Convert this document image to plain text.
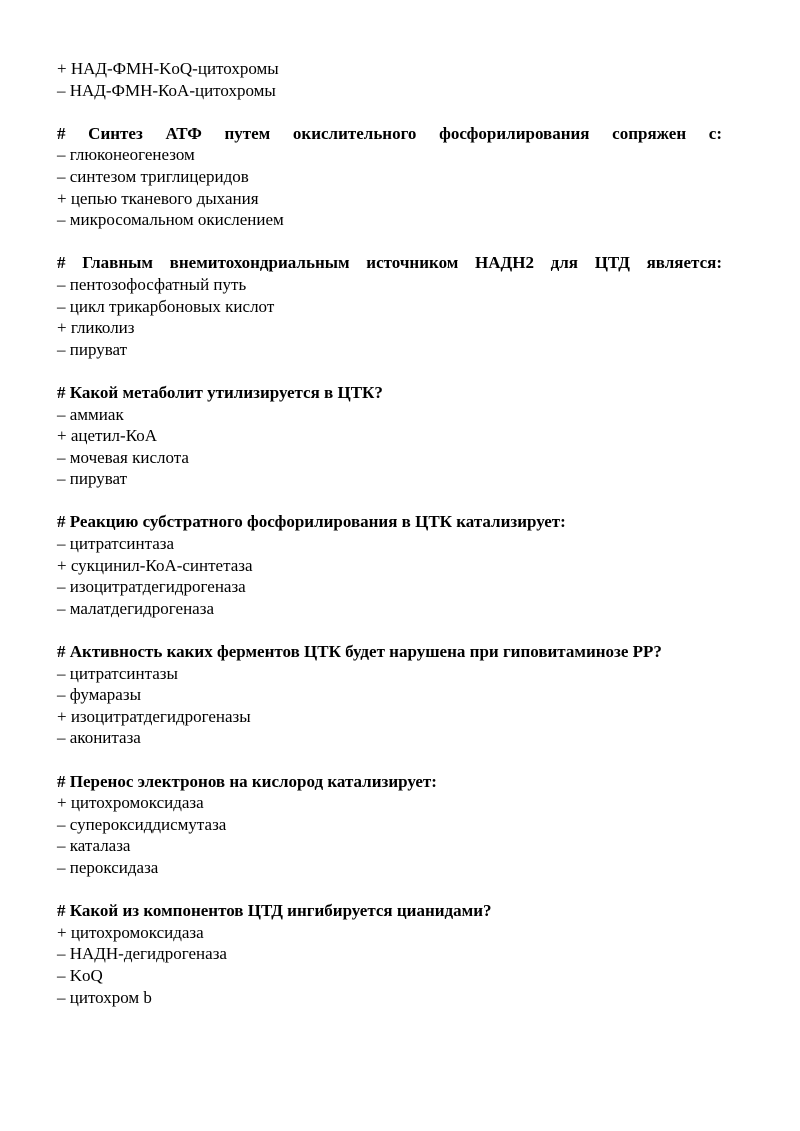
+ НАД-ФМН-KoQ-цитохромы

– НАД-ФМН-КоА-цитохромы

# Синтез АТФ путем окислительного фосфорилирования сопряжен с:

– глюконеогенезом

– синтезом триглицеридов

+ цепью тканевого дыхания

– микросомальном окислением

# Главным внемитохондриальным источником НАДН2 для ЦТД является:

– пентозофосфатный путь

– цикл трикарбоновых кислот

+ гликолиз

– пируват

# Какой метаболит утилизируется в ЦТК?

– аммиак

+ ацетил-КоА

– мочевая кислота

– пируват

# Реакцию субстратного фосфорилирования в ЦТК катализирует:

– цитратсинтаза

+ сукцинил-КоА-синтетаза

– изоцитратдегидрогеназа

– малатдегидрогеназа

# Активность каких ферментов ЦТК будет нарушена при гиповитаминозе РР?

– цитратсинтазы

– фумаразы

+ изоцитратдегидрогеназы

– аконитаза

# Перенос электронов на кислород катализирует:

+ цитохромоксидаза

– супероксиддисмутаза

– каталаза

– пероксидаза

# Какой из компонентов ЦТД ингибируется цианидами?

+ цитохромоксидаза

– НАДН-дегидрогеназа

– KoQ

– цитохром b
